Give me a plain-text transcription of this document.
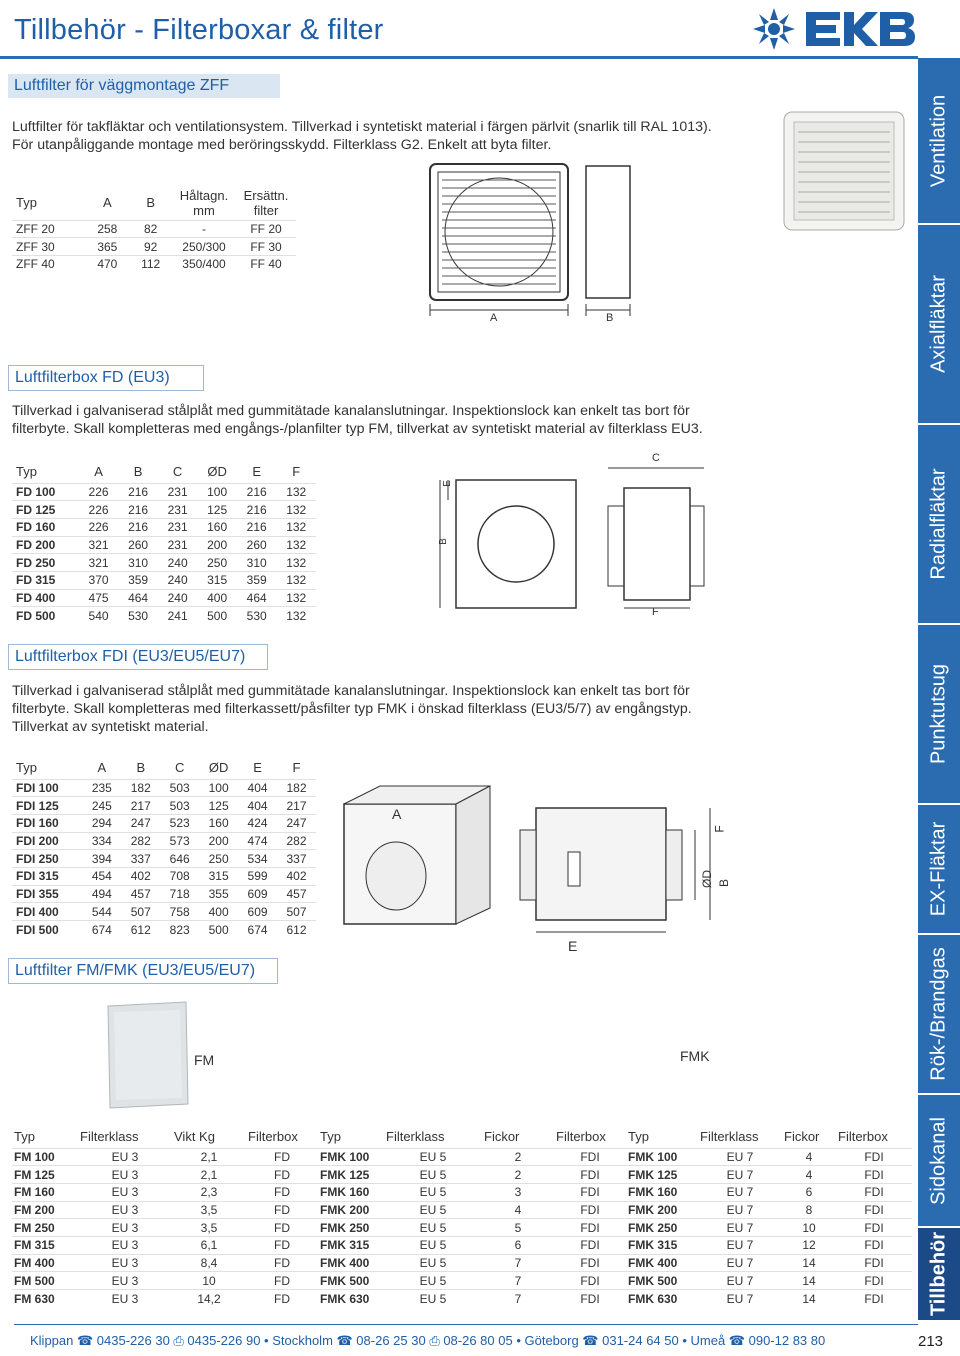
Tillbehör - Filterboxar & filter
Ventilation
Axialfläktar
Radialfläktar
Punktutsug
EX-Fläktar
Rök-/Brandgas
Sidokanal
Tillbehör
Luftfilter för väggmontage ZFF
Luftfilter för takfläktar och ventilationsystem. Tillverkad i syntetiskt material i färgen pärlvit (snarlik till RAL 1013). För utanpåliggande montage med beröringsskydd. Filterklass G2. Enkelt att byta filter.
Typ	A	B	Håltagn. mm	Ersättn. filter
ZFF 20	258	82	-	FF 20
ZFF 30	365	92	250/300	FF 30
ZFF 40	470	112	350/400	FF 40
A	B
Luftfilterbox FD (EU3)
Tillverkad i galvaniserad stålplåt med gummitätade kanalanslutningar. Inspektionslock kan enkelt tas bort för filterbyte. Skall kompletteras med engångs-/planfilter typ FM, tillverkat av syntetiskt material av filterklass EU3.
Typ	A	B	C	ØD	E	F
FD 100	226	216	231	100	216	132
FD 125	226	216	231	125	216	132
FD 160	226	216	231	160	216	132
FD 200	321	260	231	200	260	132
FD 250	321	310	240	250	310	132
FD 315	370	359	240	315	359	132
FD 400	475	464	240	400	464	132
FD 500	540	530	241	500	530	132
C
E
B
F
Luftfilterbox FDI (EU3/EU5/EU7)
Tillverkad i galvaniserad stålplåt med gummitätade kanalanslutningar. Inspektionslock kan enkelt tas bort för filterbyte. Skall kompletteras med filterkassett/påsfilter typ FMK i önskad filterklass (EU3/5/7) av engångstyp. Tillverkat av syntetiskt material.
Typ	A	B	C	ØD	E	F
FDI 100	235	182	503	100	404	182
FDI 125	245	217	503	125	404	217
FDI 160	294	247	523	160	424	247
FDI 200	334	282	573	200	474	282
FDI 250	394	337	646	250	534	337
FDI 315	454	402	708	315	599	402
FDI 355	494	457	718	355	609	457
FDI 400	544	507	758	400	609	507
FDI 500	674	612	823	500	674	612
A
F
ØD B
E
Luftfilter FM/FMK (EU3/EU5/EU7)
FM	FMK
Typ	Filterklass	Vikt Kg	Filterbox	Typ	Filterklass	Fickor	Filterbox	Typ	Filterklass	Fickor	Filterbox
FM 100	EU 3	2,1	FD	FMK 100	EU 5	2	FDI	FMK 100	EU 7	4	FDI
FM 125	EU 3	2,1	FD	FMK 125	EU 5	2	FDI	FMK 125	EU 7	4	FDI
FM 160	EU 3	2,3	FD	FMK 160	EU 5	3	FDI	FMK 160	EU 7	6	FDI
FM 200	EU 3	3,5	FD	FMK 200	EU 5	4	FDI	FMK 200	EU 7	8	FDI
FM 250	EU 3	3,5	FD	FMK 250	EU 5	5	FDI	FMK 250	EU 7	10	FDI
FM 315	EU 3	6,1	FD	FMK 315	EU 5	6	FDI	FMK 315	EU 7	12	FDI
FM 400	EU 3	8,4	FD	FMK 400	EU 5	7	FDI	FMK 400	EU 7	14	FDI
FM 500	EU 3	10	FD	FMK 500	EU 5	7	FDI	FMK 500	EU 7	14	FDI
FM 630	EU 3	14,2	FD	FMK 630	EU 5	7	FDI	FMK 630	EU 7	14	FDI
Klippan ☎ 0435-226 30 ⎙ 0435-226 90 • Stockholm ☎ 08-26 25 30 ⎙ 08-26 80 05 • Göteborg ☎ 031-24 64 50 • Umeå ☎ 090-12 83 80	213
